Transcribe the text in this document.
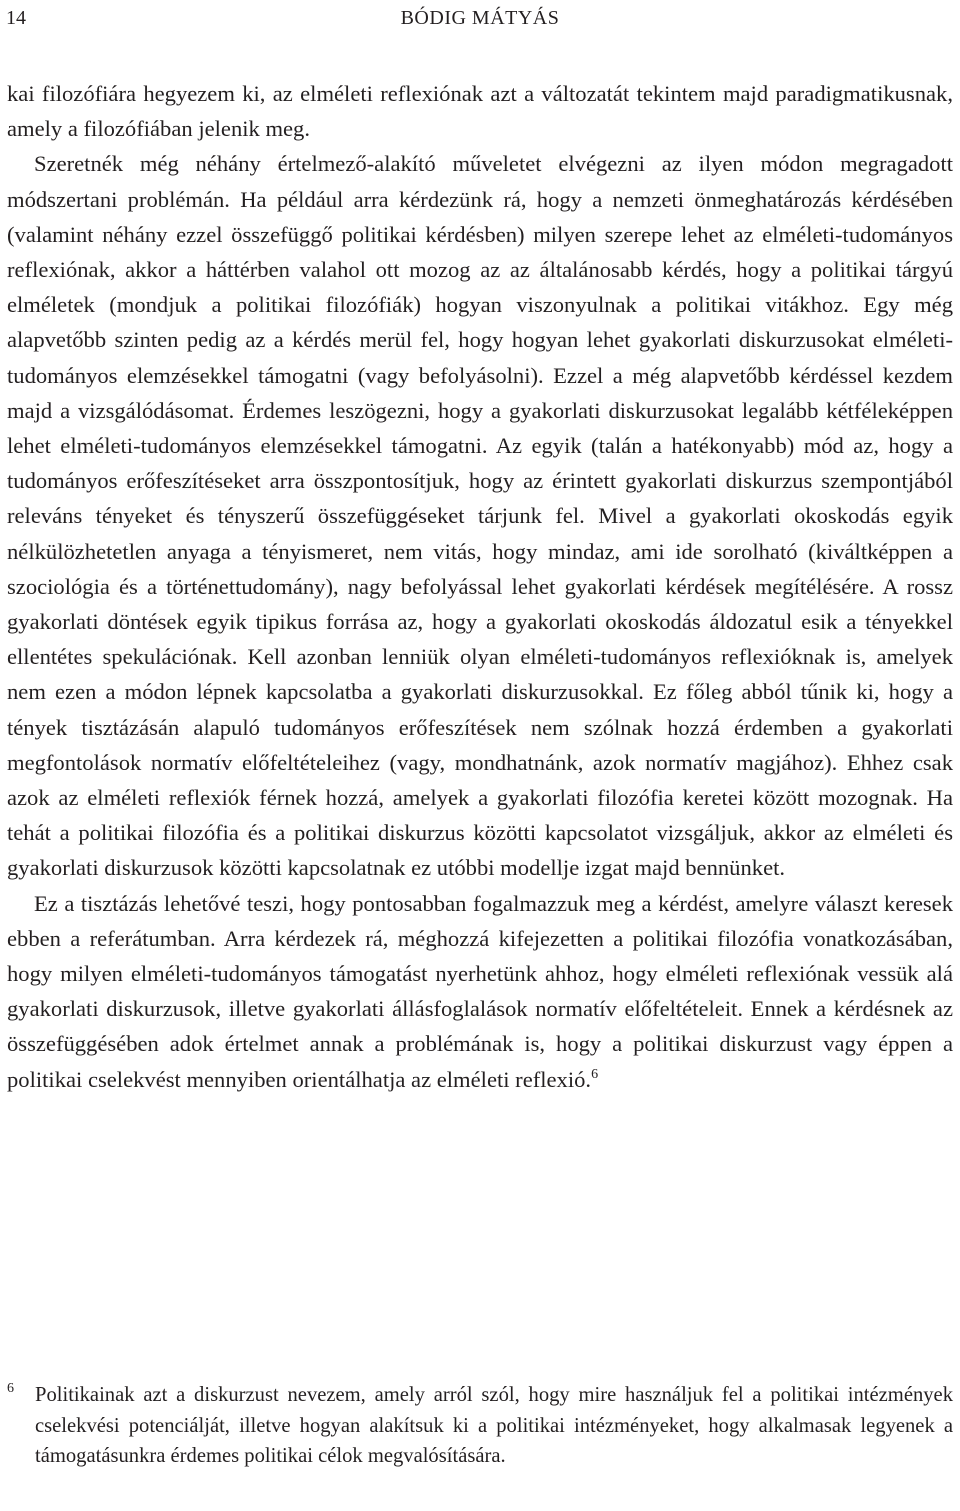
14	BÓDIG MÁTYÁS

kai filozófiára hegyezem ki, az elméleti reflexiónak azt a változatát tekintem majd paradigmatikusnak, amely a filozófiában jelenik meg.

Szeretnék még néhány értelmező-alakító műveletet elvégezni az ilyen módon megragadott módszertani problémán. Ha például arra kérdezünk rá, hogy a nemzeti önmeghatározás kérdésében (valamint néhány ezzel összefüggő politikai kérdésben) milyen szerepe lehet az elméleti-tudományos reflexiónak, akkor a háttérben valahol ott mozog az az általánosabb kérdés, hogy a politikai tárgyú elméletek (mondjuk a politikai filozófiák) hogyan viszonyulnak a politikai vitákhoz. Egy még alapvetőbb szinten pedig az a kérdés merül fel, hogy hogyan lehet gyakorlati diskurzusokat elméleti-tudományos elemzésekkel támogatni (vagy befolyásolni). Ezzel a még alapvetőbb kérdéssel kezdem majd a vizsgálódásomat. Érdemes leszögezni, hogy a gyakorlati diskurzusokat legalább kétféleképpen lehet elméleti-tudományos elemzésekkel támogatni. Az egyik (talán a hatékonyabb) mód az, hogy a tudományos erőfeszítéseket arra összpontosítjuk, hogy az érintett gyakorlati diskurzus szempontjából releváns tényeket és tényszerű összefüggéseket tárjunk fel. Mivel a gyakorlati okoskodás egyik nélkülözhetetlen anyaga a tényismeret, nem vitás, hogy mindaz, ami ide sorolható (kiváltképpen a szociológia és a történettudomány), nagy befolyással lehet gyakorlati kérdések megítélésére. A rossz gyakorlati döntések egyik tipikus forrása az, hogy a gyakorlati okoskodás áldozatul esik a tényekkel ellentétes spekulációnak. Kell azonban lenniük olyan elméleti-tudományos reflexióknak is, amelyek nem ezen a módon lépnek kapcsolatba a gyakorlati diskurzusokkal. Ez főleg abból tűnik ki, hogy a tények tisztázásán alapuló tudományos erőfeszítések nem szólnak hozzá érdemben a gyakorlati megfontolások normatív előfeltételeihez (vagy, mondhatnánk, azok normatív magjához). Ehhez csak azok az elméleti reflexiók férnek hozzá, amelyek a gyakorlati filozófia keretei között mozognak. Ha tehát a politikai filozófia és a politikai diskurzus közötti kapcsolatot vizsgáljuk, akkor az elméleti és gyakorlati diskurzusok közötti kapcsolatnak ez utóbbi modellje izgat majd bennünket.

Ez a tisztázás lehetővé teszi, hogy pontosabban fogalmazzuk meg a kérdést, amelyre választ keresek ebben a referátumban. Arra kérdezek rá, méghozzá kifejezetten a politikai filozófia vonatkozásában, hogy milyen elméleti-tudományos támogatást nyerhetünk ahhoz, hogy elméleti reflexiónak vessük alá gyakorlati diskurzusok, illetve gyakorlati állásfoglalások normatív előfeltételeit. Ennek a kérdésnek az összefüggésében adok értelmet annak a problémának is, hogy a politikai diskurzust vagy éppen a politikai cselekvést mennyiben orientálhatja az elméleti reflexió.$^6$

6	Politikainak azt a diskurzust nevezem, amely arról szól, hogy mire használjuk fel a politikai intézmények cselekvési potenciálját, illetve hogyan alakítsuk ki a politikai intézményeket, hogy alkalmasak legyenek a támogatásunkra érdemes politikai célok megvalósítására.
